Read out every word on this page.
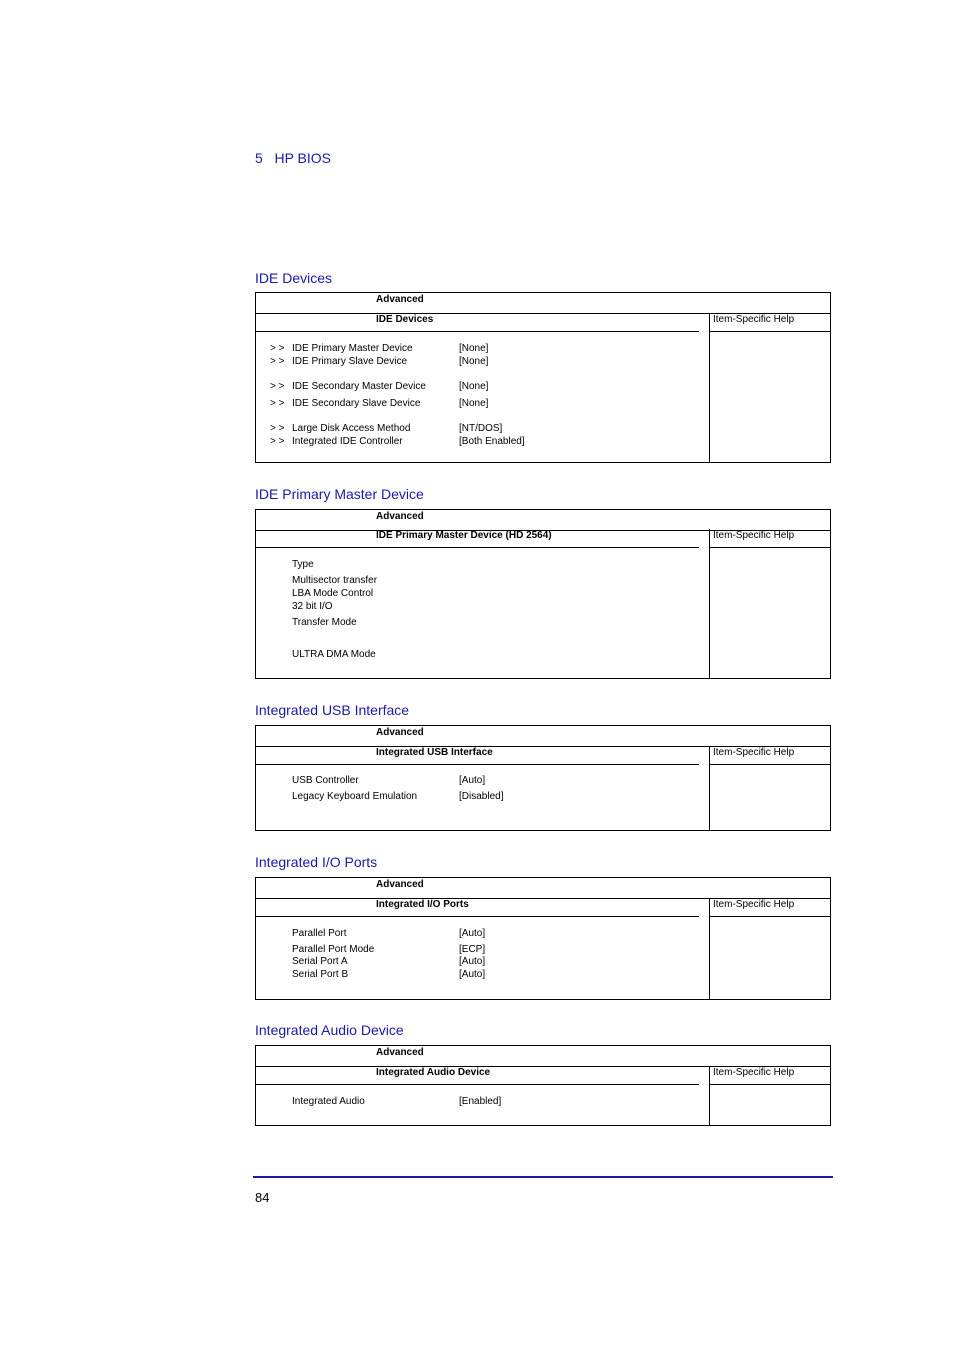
5 HP BIOS
IDE Devices
Advanced
IDE Devices
> > IDE Primary Master Device	[None]
> > IDE Primary Slave Device	[None]
> > IDE Secondary Master Device	[None]
> > IDE Secondary Slave Device	[None]
> > Large Disk Access Method	[NT/DOS]
> > Integrated IDE Controller	[Both Enabled]
Item-Specific Help
IDE Primary Master Device
Advanced
IDE Primary Master Device (HD 2564)
Type
Multisector transfer
LBA Mode Control
32 bit I/O
Transfer Mode
ULTRA DMA Mode
Item-Specific Help
Integrated USB Interface
Advanced
Integrated USB Interface
USB Controller	[Auto]
Legacy Keyboard Emulation	[Disabled]
Item-Specific Help
Integrated I/O Ports
Advanced
Integrated I/O Ports
Parallel Port	[Auto]
Parallel Port Mode	[ECP]
Serial Port A	[Auto]
Serial Port B	[Auto]
Item-Specific Help
Integrated Audio Device
Advanced
Integrated Audio Device
Integrated Audio	[Enabled]
Item-Specific Help
84
